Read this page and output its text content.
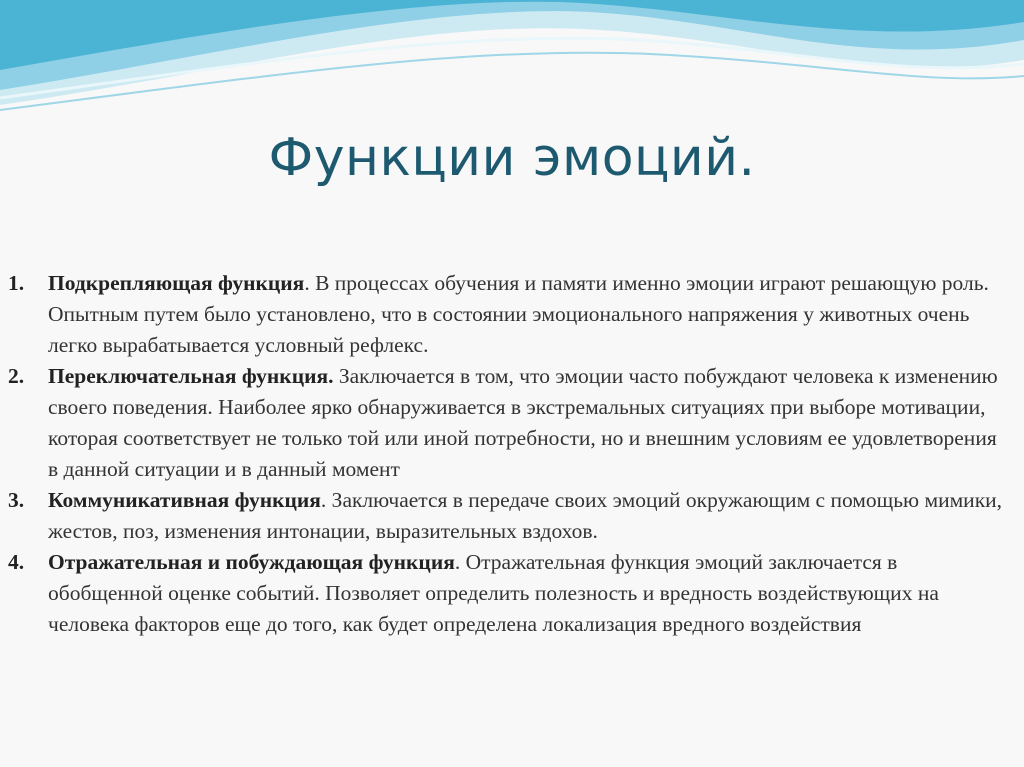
Функции эмоций.
1. Подкрепляющая функция. В процессах обучения и памяти именно эмоции играют решающую роль. Опытным путем было установлено, что в состоянии эмоционального напряжения у животных очень легко вырабатывается условный рефлекс.
2. Переключательная функция. Заключается в том, что эмоции часто побуждают человека к изменению своего поведения. Наиболее ярко обнаруживается в экстремальных ситуациях при выборе мотивации, которая соответствует не только той или иной потребности, но и внешним условиям ее удовлетворения в данной ситуации и в данный момент
3. Коммуникативная функция. Заключается в передаче своих эмоций окружающим с помощью мимики, жестов, поз, изменения интонации, выразительных вздохов.
4. Отражательная и побуждающая функция. Отражательная функция эмоций заключается в обобщенной оценке событий. Позволяет определить полезность и вредность воздействующих на человека факторов еще до того, как будет определена локализация вредного воздействия
